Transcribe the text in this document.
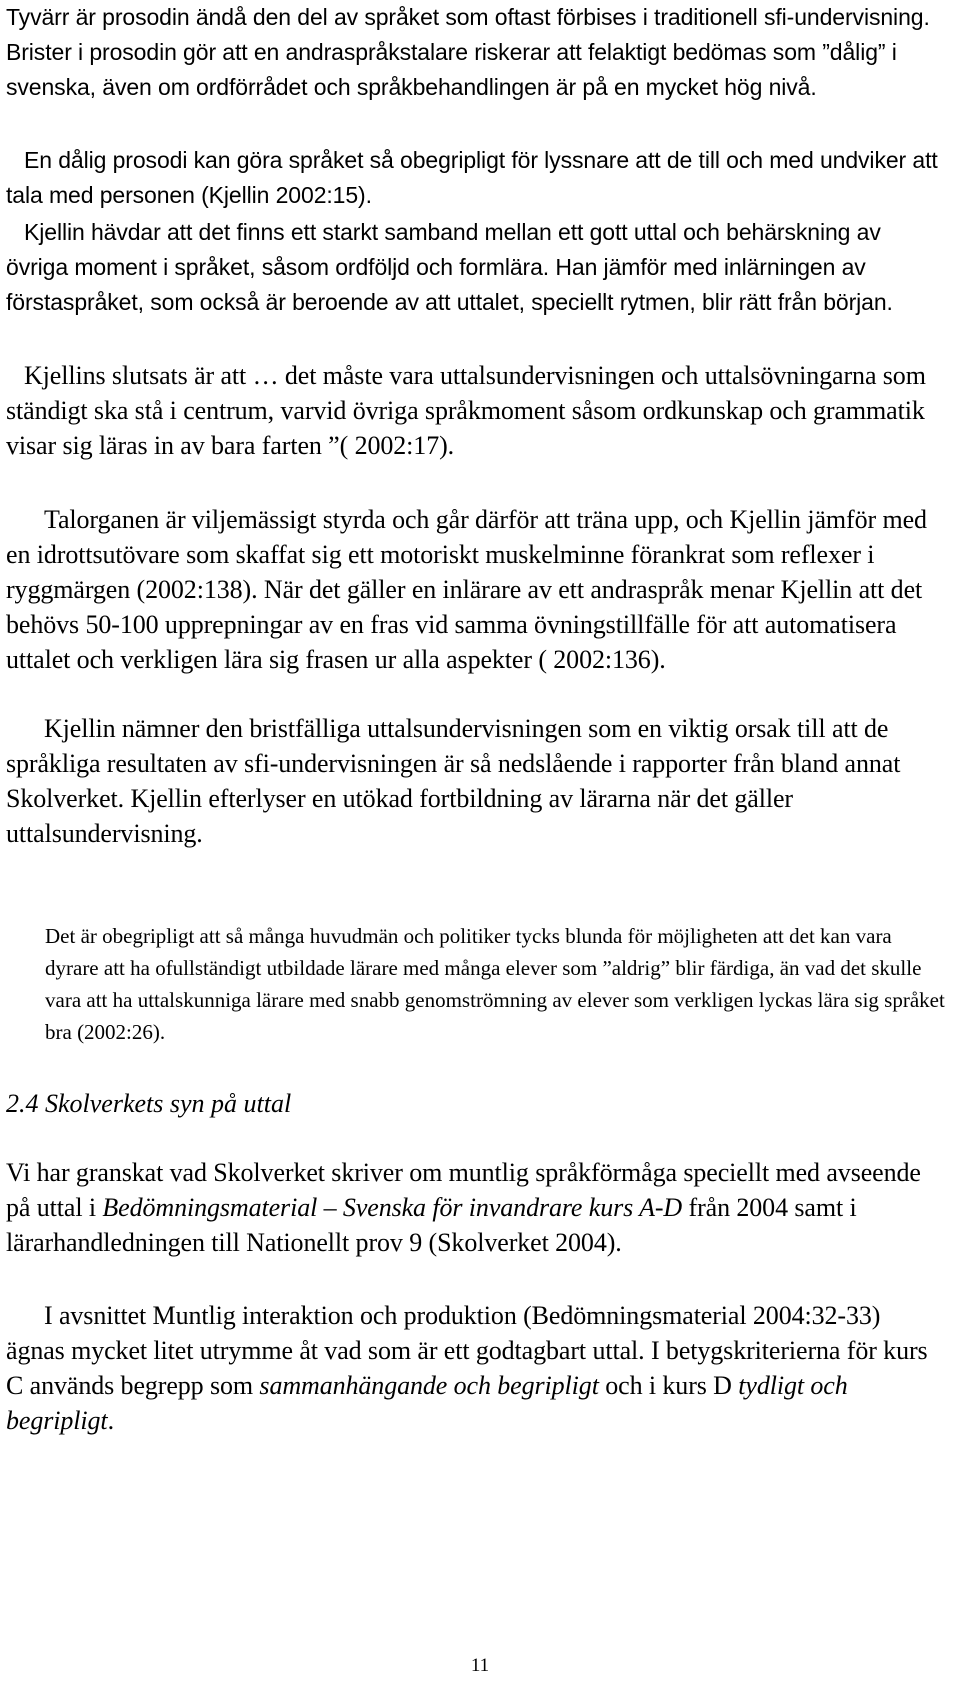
Tyvärr är prosodin ändå den del av språket som oftast förbises i traditionell sfi-undervisning. Brister i prosodin gör att en andraspråkstalare riskerar att felaktigt bedömas som ”dålig” i svenska, även om ordförrådet och språkbehandlingen är på en mycket hög nivå.

En dålig prosodi kan göra språket så obegripligt för lyssnare att de till och med undviker att tala med personen (Kjellin 2002:15).

Kjellin hävdar att det finns ett starkt samband mellan ett gott uttal och behärskning av övriga moment i språket, såsom ordföljd och formlära. Han jämför med inlärningen av förstaspråket, som också är beroende av att uttalet, speciellt rytmen, blir rätt från början.

Kjellins slutsats är att … det måste vara uttalsundervisningen och uttalsövningarna som ständigt ska stå i centrum, varvid övriga språkmoment såsom ordkunskap och grammatik visar sig läras in av bara farten ”( 2002:17).

Talorganen är viljemässigt styrda och går därför att träna upp, och Kjellin jämför med en idrottsutövare som skaffat sig ett motoriskt muskelminne förankrat som reflexer i ryggmärgen (2002:138). När det gäller en inlärare av ett andraspråk menar Kjellin att det behövs 50-100 upprepningar av en fras vid samma övningstillfälle för att automatisera uttalet och verkligen lära sig frasen ur alla aspekter ( 2002:136).

Kjellin nämner den bristfälliga uttalsundervisningen som en viktig orsak till att de språkliga resultaten av sfi-undervisningen är så nedslående i rapporter från bland annat Skolverket. Kjellin efterlyser en utökad fortbildning av lärarna när det gäller uttalsundervisning.

Det är obegripligt att så många huvudmän och politiker tycks blunda för möjligheten att det kan vara dyrare att ha ofullständigt utbildade lärare med många elever som ”aldrig” blir färdiga, än vad det skulle vara att ha uttalskunniga lärare med snabb genomströmning av elever som verkligen lyckas lära sig språket bra (2002:26).

2.4 Skolverkets syn på uttal

Vi har granskat vad Skolverket skriver om muntlig språkförmåga speciellt med avseende på uttal i Bedömningsmaterial – Svenska för invandrare kurs A-D från 2004 samt i lärarhandledningen till Nationellt prov 9 (Skolverket 2004).

I avsnittet Muntlig interaktion och produktion (Bedömningsmaterial 2004:32-33) ägnas mycket litet utrymme åt vad som är ett godtagbart uttal. I betygskriterierna för kurs C används begrepp som sammanhängande och begripligt och i kurs D tydligt och begripligt.

11
